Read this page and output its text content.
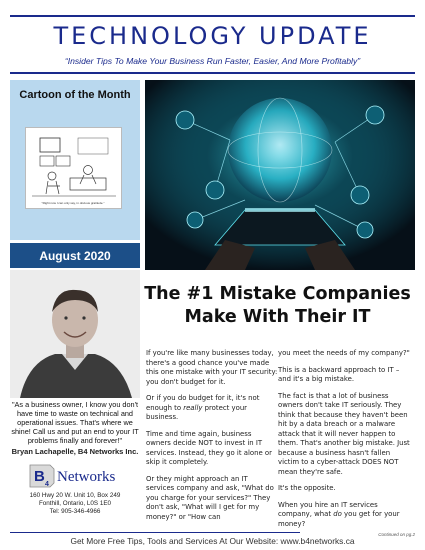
TECHNOLOGY UPDATE
“Insider Tips To Make Your Business Run Faster, Easier, And More Profitably”
Cartoon of the Month
"Right now I can only say, in obvious gratitude."
August 2020
The #1 Mistake Companies
Make With Their IT
"As a business owner, I know you don't have time to waste on technical and operational issues. That's where we shine! Call us and put an end to your IT problems finally and forever!"
Bryan Lachapelle, B4 Networks Inc.
B 4 Networks
160 Hwy 20 W. Unit 10, Box 249
Fonthill, Ontario, L0S 1E0
Tel: 905-346-4966

If you're like many businesses today, there's a good chance you've made this one mistake with your IT security: you don't budget for it.

Or if you do budget for it, it's not enough to really protect your business.

Time and time again, business owners decide NOT to invest in IT services. Instead, they go it alone or skip it completely.

Or they might approach an IT services company and ask, "What do you charge for your services?" They don't ask, "What will I get for my money?" or "How can

you meet the needs of my company?"

This is a backward approach to IT – and it's a big mistake.

The fact is that a lot of business owners don't take IT seriously. They think that because they haven't been hit by a data breach or a malware attack that it will never happen to them. That's another big mistake. Just because a business hasn't fallen victim to a cyber-attack DOES NOT mean they're safe.

It's the opposite.

When you hire an IT services company, what do you get for your money?

Continued on pg.2
Get More Free Tips, Tools and Services At Our Website: www.b4networks.ca
